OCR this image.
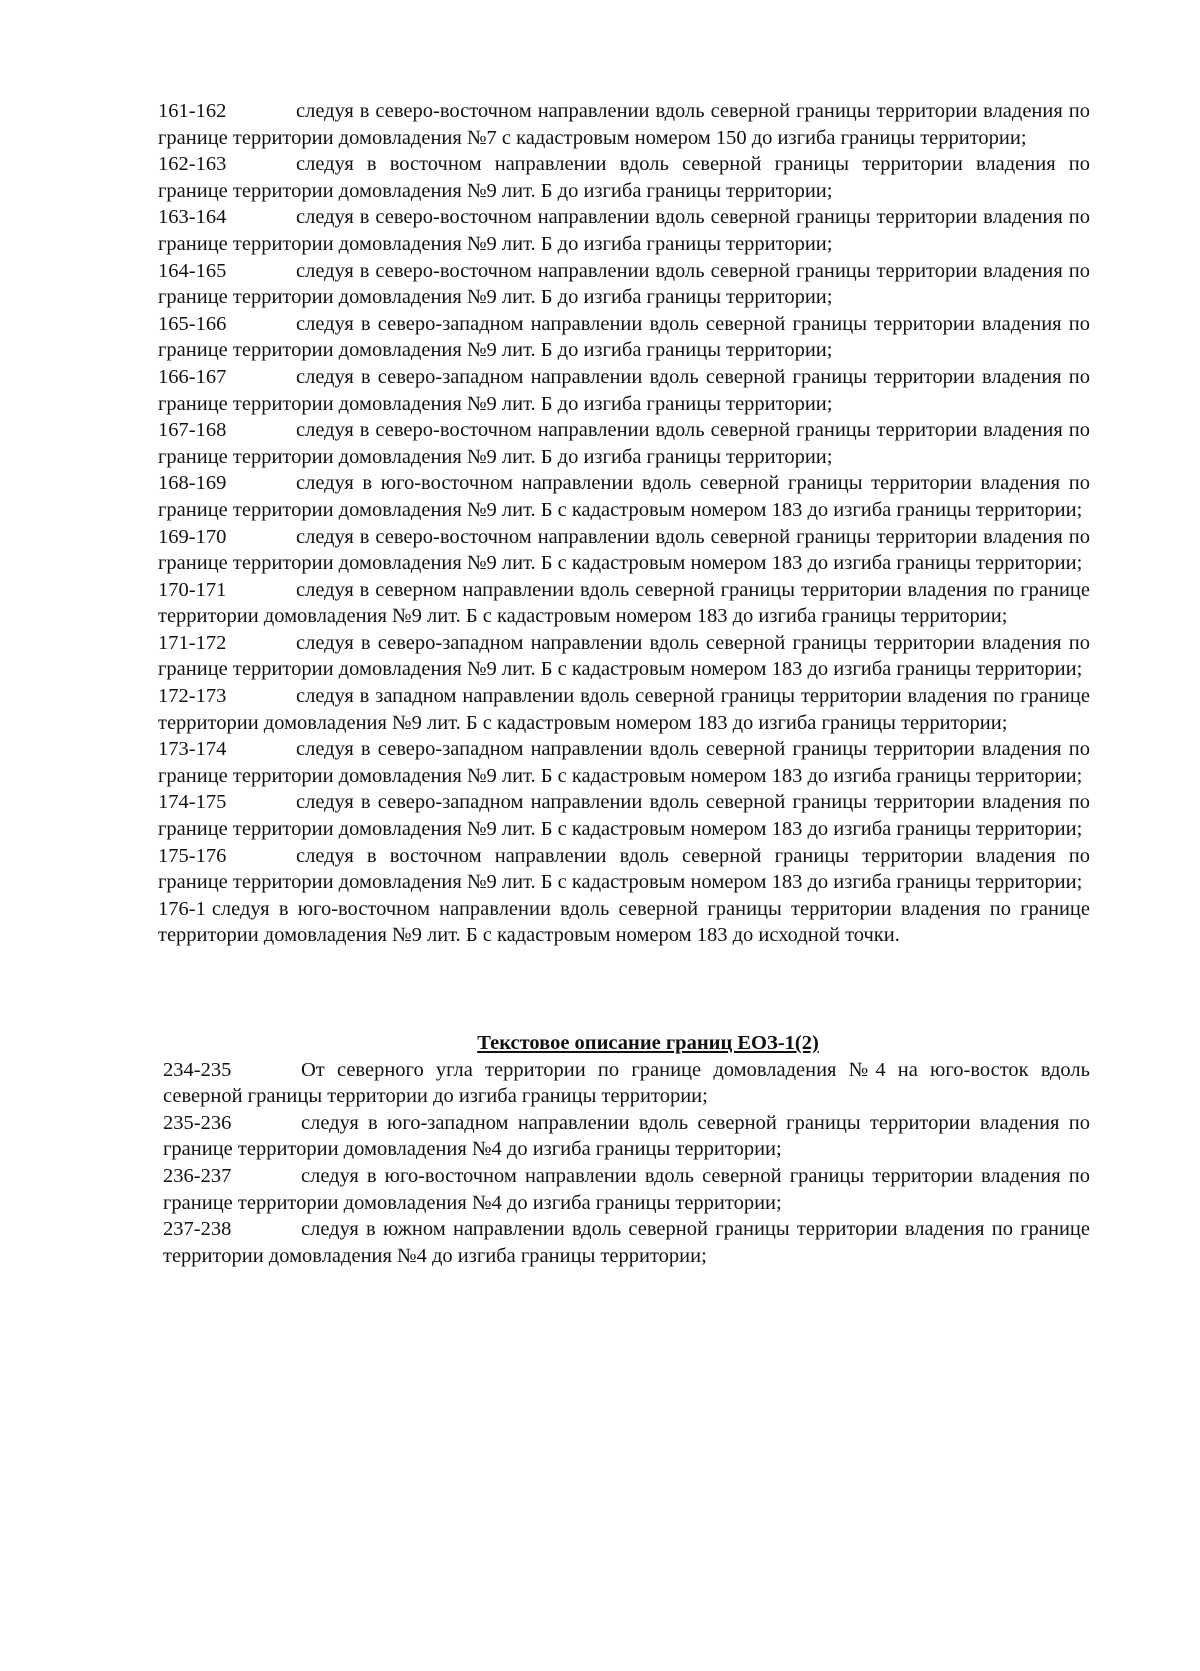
161-162	следуя в северо-восточном направлении вдоль северной границы территории владения по границе территории домовладения №7 с кадастровым номером 150 до изгиба границы территории;

162-163	следуя в восточном направлении вдоль северной границы территории владения по границе территории домовладения №9 лит. Б до изгиба границы территории;

163-164	следуя в северо-восточном направлении вдоль северной границы территории владения по границе территории домовладения №9 лит. Б до изгиба границы территории;

164-165	следуя в северо-восточном направлении вдоль северной границы территории владения по границе территории домовладения №9 лит. Б до изгиба границы территории;

165-166	следуя в северо-западном направлении вдоль северной границы территории владения по границе территории домовладения №9 лит. Б до изгиба границы территории;

166-167	следуя в северо-западном направлении вдоль северной границы территории владения по границе территории домовладения №9 лит. Б до изгиба границы территории;

167-168	следуя в северо-восточном направлении вдоль северной границы территории владения по границе территории домовладения №9 лит. Б до изгиба границы территории;

168-169	следуя в юго-восточном направлении вдоль северной границы территории владения по границе территории домовладения №9 лит. Б с кадастровым номером 183 до изгиба границы территории;

169-170	следуя в северо-восточном направлении вдоль северной границы территории владения по границе территории домовладения №9 лит. Б с кадастровым номером 183 до изгиба границы территории;

170-171	следуя в северном направлении вдоль северной границы территории владения по границе территории домовладения №9 лит. Б с кадастровым номером 183 до изгиба границы территории;

171-172	следуя в северо-западном направлении вдоль северной границы территории владения по границе территории домовладения №9 лит. Б с кадастровым номером 183 до изгиба границы территории;

172-173	следуя в западном направлении вдоль северной границы территории владения по границе территории домовладения №9 лит. Б с кадастровым номером 183 до изгиба границы территории;

173-174	следуя в северо-западном направлении вдоль северной границы территории владения по границе территории домовладения №9 лит. Б с кадастровым номером 183 до изгиба границы территории;

174-175	следуя в северо-западном направлении вдоль северной границы территории владения по границе территории домовладения №9 лит. Б с кадастровым номером 183 до изгиба границы территории;

175-176	следуя в восточном направлении вдоль северной границы территории владения по границе территории домовладения №9 лит. Б с кадастровым номером 183 до изгиба границы территории;

176-1 следуя в юго-восточном направлении вдоль северной границы территории владения по границе территории домовладения №9 лит. Б с кадастровым номером 183 до исходной точки.

Текстовое описание границ ЕОЗ-1(2)

234-235	От северного угла территории по границе домовладения №4 на юго-восток вдоль северной границы территории до изгиба границы территории;

235-236	следуя в юго-западном направлении вдоль северной границы территории владения по границе территории домовладения №4 до изгиба границы территории;

236-237	следуя в юго-восточном направлении вдоль северной границы территории владения по границе территории домовладения №4 до изгиба границы территории;

237-238	следуя в южном направлении вдоль северной границы территории владения по границе территории домовладения №4 до изгиба границы территории;
